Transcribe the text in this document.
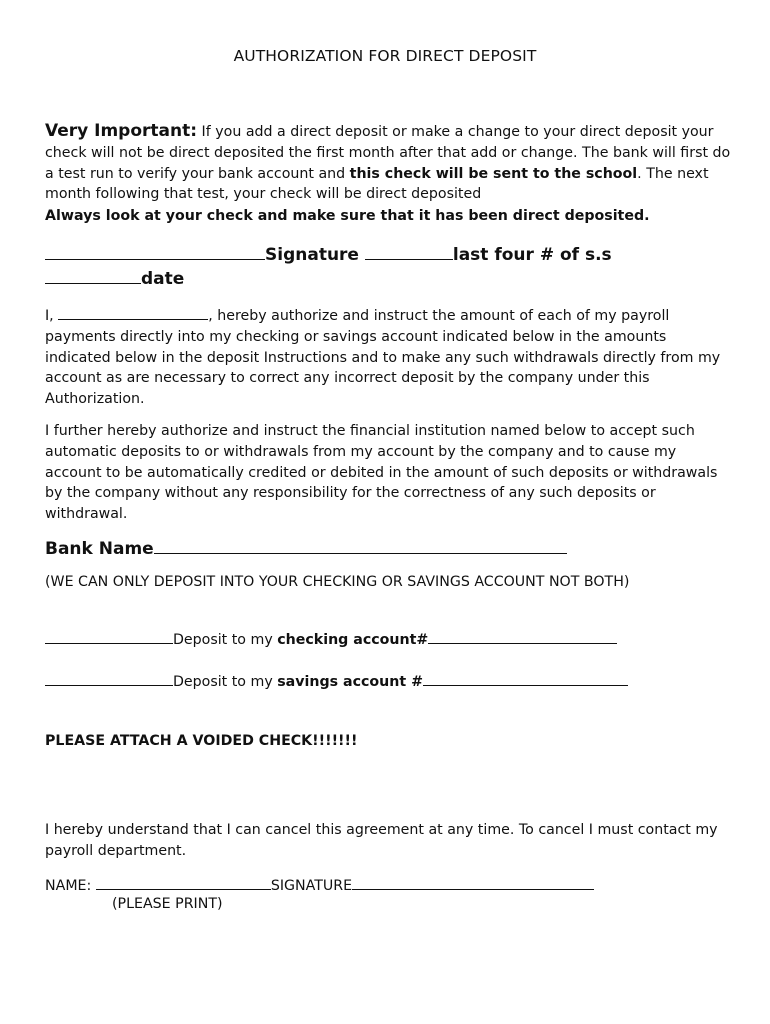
AUTHORIZATION FOR DIRECT DEPOSIT
Very Important: If you add a direct deposit or make a change to your direct deposit your check will not be direct deposited the first month after that add or change. The bank will first do a test run to verify your bank account and this check will be sent to the school. The next month following that test, your check will be direct deposited
Always look at your check and make sure that it has been direct deposited.
Signature	last four # of s.s
date
I,	, hereby authorize and instruct the amount of each of my payroll payments directly into my checking or savings account indicated below in the amounts indicated below in the deposit Instructions and to make any such withdrawals directly from my account as are necessary to correct any incorrect deposit by the company under this Authorization.
I further hereby authorize and instruct the financial institution named below to accept such automatic deposits to or withdrawals from my account by the company and to cause my account to be automatically credited or debited in the amount of such deposits or withdrawals by the company without any responsibility for the correctness of any such deposits or withdrawal.
Bank Name
(WE CAN ONLY DEPOSIT INTO YOUR CHECKING OR SAVINGS ACCOUNT NOT BOTH)
Deposit to my checking account#
Deposit to my savings account #
PLEASE ATTACH A VOIDED CHECK!!!!!!!
I hereby understand that I can cancel this agreement at any time. To cancel I must contact my payroll department.
NAME:	SIGNATURE
(PLEASE PRINT)
